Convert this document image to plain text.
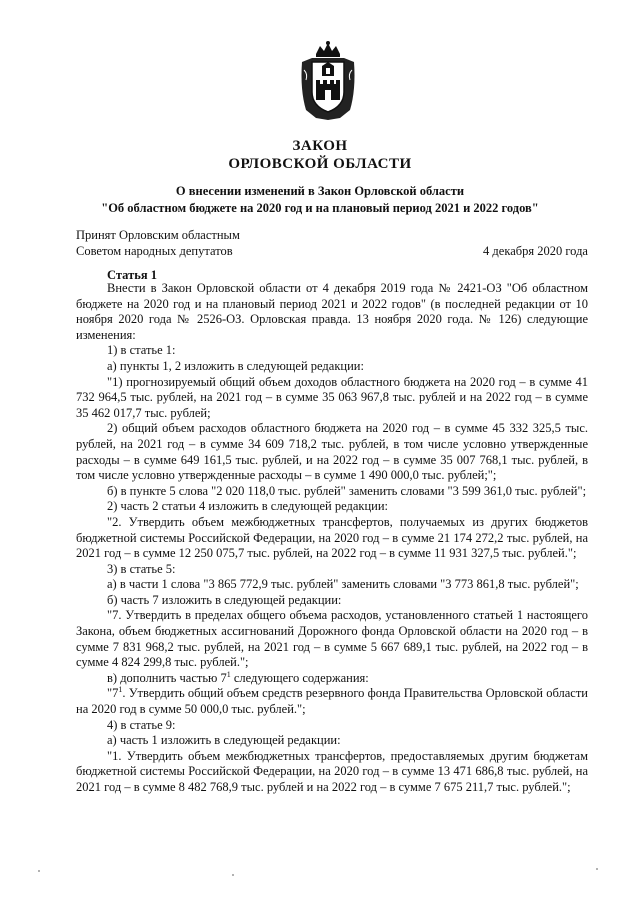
ЗАКОН
ОРЛОВСКОЙ ОБЛАСТИ
О внесении изменений в Закон Орловской области
"Об областном бюджете на 2020 год и на плановый период 2021 и 2022 годов"
Принят Орловским областным
Советом народных депутатов	4 декабря 2020 года
Статья 1

Внести в Закон Орловской области от 4 декабря 2019 года № 2421-ОЗ "Об областном бюджете на 2020 год и на плановый период 2021 и 2022 годов" (в последней редакции от 10 ноября 2020 года № 2526-ОЗ. Орловская правда. 13 ноября 2020 года. № 126) следующие изменения:

1) в статье 1:

а) пункты 1, 2 изложить в следующей редакции:

"1) прогнозируемый общий объем доходов областного бюджета на 2020 год – в сумме 41 732 964,5 тыс. рублей, на 2021 год – в сумме 35 063 967,8 тыс. рублей и на 2022 год – в сумме 35 462 017,7 тыс. рублей;

2) общий объем расходов областного бюджета на 2020 год – в сумме 45 332 325,5 тыс. рублей, на 2021 год – в сумме 34 609 718,2 тыс. рублей, в том числе условно утвержденные расходы – в сумме 649 161,5 тыс. рублей, и на 2022 год – в сумме 35 007 768,1 тыс. рублей, в том числе условно утвержденные расходы – в сумме 1 490 000,0 тыс. рублей;";

б) в пункте 5 слова "2 020 118,0 тыс. рублей" заменить словами "3 599 361,0 тыс. рублей";

2) часть 2 статьи 4 изложить в следующей редакции:

"2. Утвердить объем межбюджетных трансфертов, получаемых из других бюджетов бюджетной системы Российской Федерации, на 2020 год – в сумме 21 174 272,2 тыс. рублей, на 2021 год – в сумме 12 250 075,7 тыс. рублей, на 2022 год – в сумме 11 931 327,5 тыс. рублей.";

3) в статье 5:

а) в части 1 слова "3 865 772,9 тыс. рублей" заменить словами "3 773 861,8 тыс. рублей";

б) часть 7 изложить в следующей редакции:

"7. Утвердить в пределах общего объема расходов, установленного статьей 1 настоящего Закона, объем бюджетных ассигнований Дорожного фонда Орловской области на 2020 год – в сумме 7 831 968,2 тыс. рублей, на 2021 год – в сумме 5 667 689,1 тыс. рублей, на 2022 год – в сумме 4 824 299,8 тыс. рублей.";

в) дополнить частью $7^1$ следующего содержания:

"$7^1$. Утвердить общий объем средств резервного фонда Правительства Орловской области на 2020 год в сумме 50 000,0 тыс. рублей.";

4) в статье 9:

а) часть 1 изложить в следующей редакции:

"1. Утвердить объем межбюджетных трансфертов, предоставляемых другим бюджетам бюджетной системы Российской Федерации, на 2020 год – в сумме 13 471 686,8 тыс. рублей, на 2021 год – в сумме 8 482 768,9 тыс. рублей и на 2022 год – в сумме 7 675 211,7 тыс. рублей.";
